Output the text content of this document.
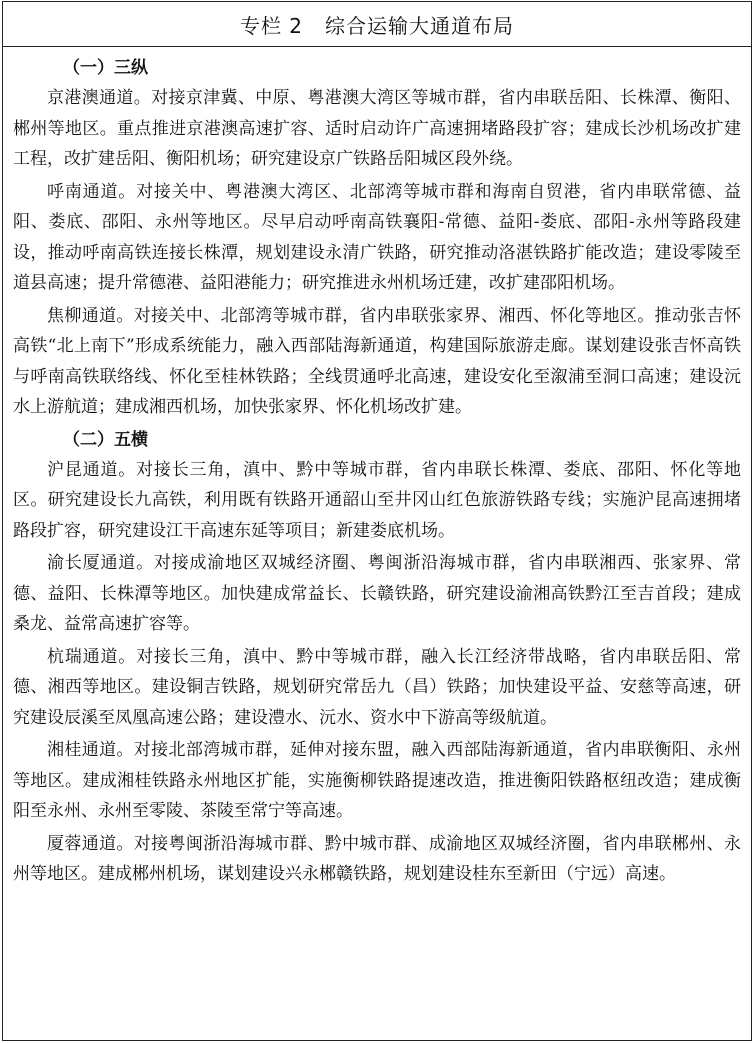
专栏 2 综合运输大通道布局
（一）三纵

京港澳通道。对接京津冀、中原、粤港澳大湾区等城市群，省内串联岳阳、长株潭、衡阳、郴州等地区。重点推进京港澳高速扩容、适时启动许广高速拥堵路段扩容；建成长沙机场改扩建工程，改扩建岳阳、衡阳机场；研究建设京广铁路岳阳城区段外绕。

呼南通道。对接关中、粤港澳大湾区、北部湾等城市群和海南自贸港，省内串联常德、益阳、娄底、邵阳、永州等地区。尽早启动呼南高铁襄阳-常德、益阳-娄底、邵阳-永州等路段建设，推动呼南高铁连接长株潭，规划建设永清广铁路，研究推动洛湛铁路扩能改造；建设零陵至道县高速；提升常德港、益阳港能力；研究推进永州机场迁建，改扩建邵阳机场。

焦柳通道。对接关中、北部湾等城市群，省内串联张家界、湘西、怀化等地区。推动张吉怀高铁“北上南下”形成系统能力，融入西部陆海新通道，构建国际旅游走廊。谋划建设张吉怀高铁与呼南高铁联络线、怀化至桂林铁路；全线贯通呼北高速，建设安化至溆浦至洞口高速；建设沅水上游航道；建成湘西机场，加快张家界、怀化机场改扩建。

（二）五横

沪昆通道。对接长三角，滇中、黔中等城市群，省内串联长株潭、娄底、邵阳、怀化等地区。研究建设长九高铁，利用既有铁路开通韶山至井冈山红色旅游铁路专线；实施沪昆高速拥堵路段扩容，研究建设江干高速东延等项目；新建娄底机场。

渝长厦通道。对接成渝地区双城经济圈、粤闽浙沿海城市群，省内串联湘西、张家界、常德、益阳、长株潭等地区。加快建成常益长、长赣铁路，研究建设渝湘高铁黔江至吉首段；建成桑龙、益常高速扩容等。

杭瑞通道。对接长三角，滇中、黔中等城市群，融入长江经济带战略，省内串联岳阳、常德、湘西等地区。建设铜吉铁路，规划研究常岳九（昌）铁路；加快建设平益、安慈等高速，研究建设辰溪至凤凰高速公路；建设澧水、沅水、资水中下游高等级航道。

湘桂通道。对接北部湾城市群，延伸对接东盟，融入西部陆海新通道，省内串联衡阳、永州等地区。建成湘桂铁路永州地区扩能，实施衡柳铁路提速改造，推进衡阳铁路枢纽改造；建成衡阳至永州、永州至零陵、茶陵至常宁等高速。

厦蓉通道。对接粤闽浙沿海城市群、黔中城市群、成渝地区双城经济圈，省内串联郴州、永州等地区。建成郴州机场，谋划建设兴永郴赣铁路，规划建设桂东至新田（宁远）高速。
